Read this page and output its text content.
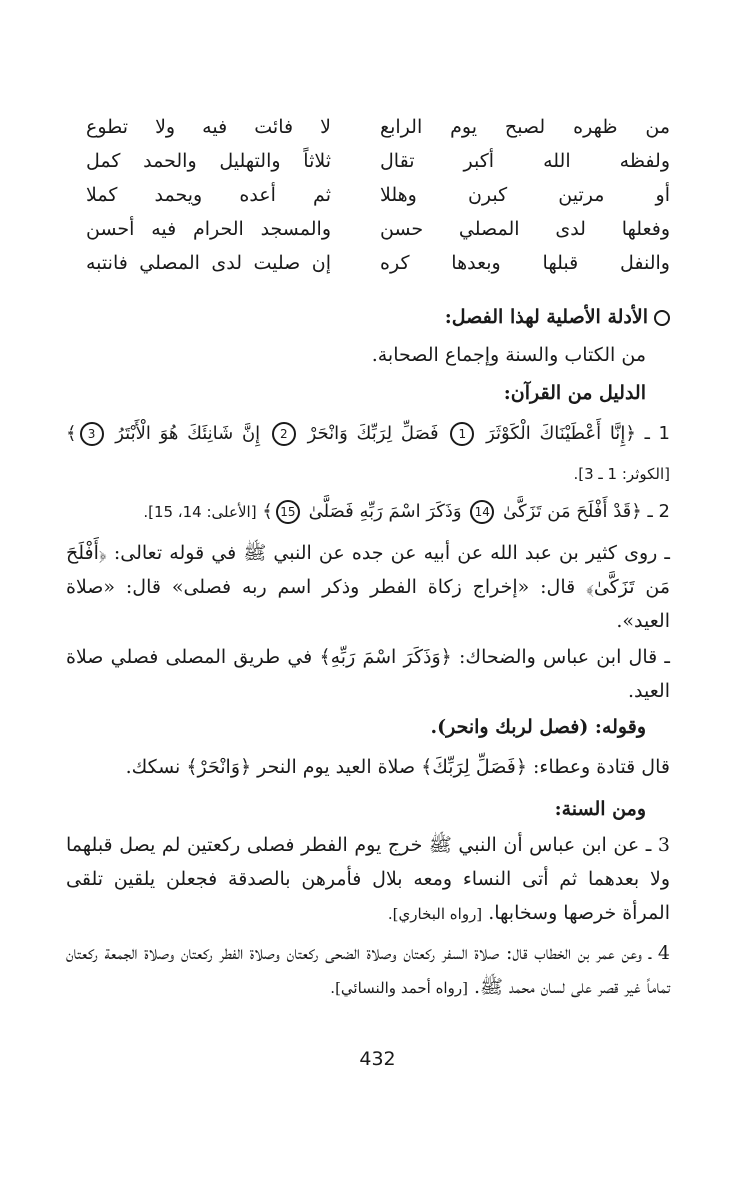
من ظهره لصبح يوم الرابع
لا فائت فيه ولا تطوع
ولفظه الله أكبر تقال
ثلاثاً والتهليل والحمد كمل
أو مرتين كبرن وهللا
ثم أعده ويحمد كملا
وفعلها لدى المصلي حسن
والمسجد الحرام فيه أحسن
والنفل قبلها وبعدها كره
إن صليت لدى المصلي فانتبه
الأدلة الأصلية لهذا الفصل:
من الكتاب والسنة وإجماع الصحابة.
الدليل من القرآن:
1 ـ ﴿إِنَّا أَعْطَيْنَاكَ الْكَوْثَرَ 1 فَصَلِّ لِرَبِّكَ وَانْحَرْ 2 إِنَّ شَانِئَكَ هُوَ الْأَبْتَرُ 3﴾ [الكوثر: 1 ـ 3].
2 ـ ﴿قَدْ أَفْلَحَ مَن تَزَكَّىٰ 14 وَذَكَرَ اسْمَ رَبِّهِ فَصَلَّىٰ 15﴾ [الأعلى: 14، 15].
ـ روى كثير بن عبد الله عن أبيه عن جده عن النبي ﷺ في قوله تعالى: ﴿أَفْلَحَ مَن تَزَكَّىٰ﴾ قال: «إخراج زكاة الفطر وذكر اسم ربه فصلى» قال: «صلاة العيد».
ـ قال ابن عباس والضحاك: ﴿وَذَكَرَ اسْمَ رَبِّهِ﴾ في طريق المصلى فصلي صلاة العيد.
وقوله: (فصل لربك وانحر).
قال قتادة وعطاء: ﴿فَصَلِّ لِرَبِّكَ﴾ صلاة العيد يوم النحر ﴿وَانْحَرْ﴾ نسكك.
ومن السنة:
3 ـ عن ابن عباس أن النبي ﷺ خرج يوم الفطر فصلى ركعتين لم يصل قبلهما ولا بعدهما ثم أتى النساء ومعه بلال فأمرهن بالصدقة فجعلن يلقين تلقى المرأة خرصها وسخابها. [رواه البخاري].
4 ـ وعن عمر بن الخطاب قال: صلاة السفر ركعتان وصلاة الضحى ركعتان وصلاة الفطر ركعتان وصلاة الجمعة ركعتان تماماً غير قصر على لسان محمد ﷺ. [رواه أحمد والنسائي].
432
